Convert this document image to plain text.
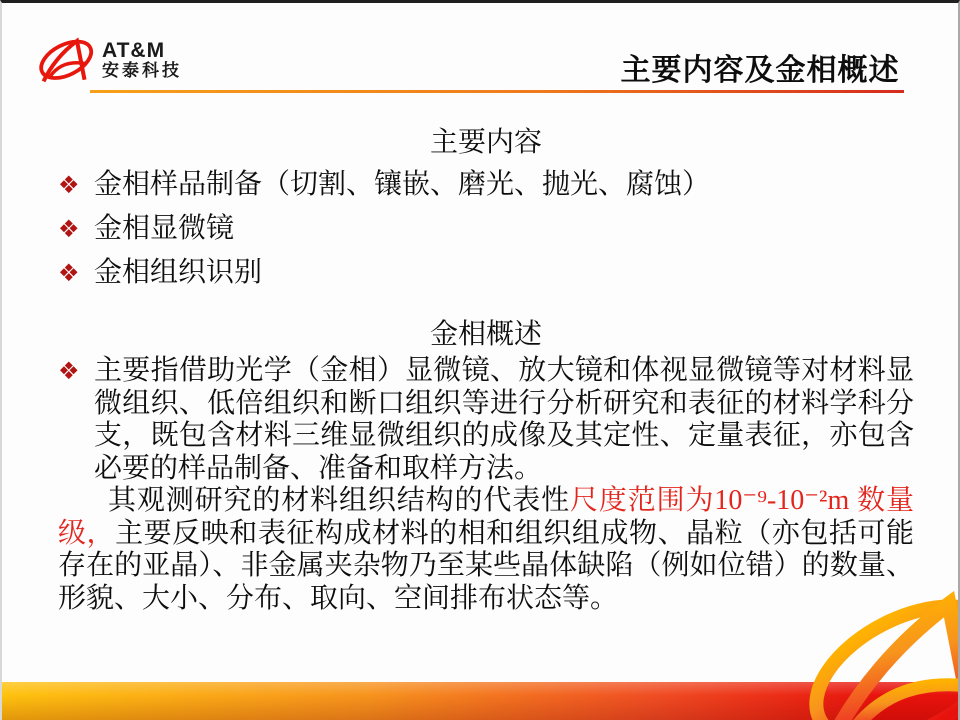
AT&M
安泰科技	主要内容及金相概述
主要内容
❖ 金相样品制备（切割、镶嵌、磨光、抛光、腐蚀）
❖ 金相显微镜
❖ 金相组织识别
金相概述

❖ 主要指借助光学（金相）显微镜、放大镜和体视显微镜等对材料显微组织、低倍组织和断口组织等进行分析研究和表征的材料学科分支，既包含材料三维显微组织的成像及其定性、定量表征，亦包含必要的样品制备、准备和取样方法。

其观测研究的材料组织结构的代表性尺度范围为10⁻⁹-10⁻²m 数量级，主要反映和表征构成材料的相和组织组成物、晶粒（亦包括可能存在的亚晶）、非金属夹杂物乃至某些晶体缺陷（例如位错）的数量、形貌、大小、分布、取向、空间排布状态等。
